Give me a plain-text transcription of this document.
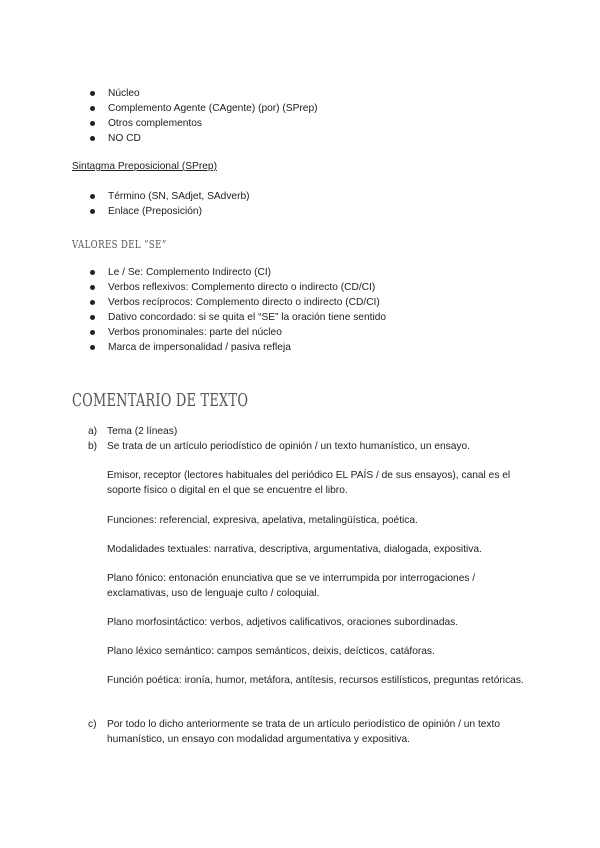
Núcleo
Complemento Agente (CAgente) (por) (SPrep)
Otros complementos
NO CD
Sintagma Preposicional (SPrep)
Término (SN, SAdjet, SAdverb)
Enlace (Preposición)
VALORES DEL “SE”
Le / Se: Complemento Indirecto (CI)
Verbos reflexivos: Complemento directo o indirecto (CD/CI)
Verbos recíprocos: Complemento directo o indirecto (CD/CI)
Dativo concordado: si se quita el “SE” la oración tiene sentido
Verbos pronominales: parte del núcleo
Marca de impersonalidad / pasiva refleja
COMENTARIO DE TEXTO
a) Tema (2 líneas)
b) Se trata de un artículo periodístico de opinión / un texto humanístico, un ensayo.
Emisor, receptor (lectores habituales del periódico EL PAÍS / de sus ensayos), canal es el soporte físico o digital en el que se encuentre el libro.
Funciones: referencial, expresiva, apelativa, metalingüística, poética.
Modalidades textuales: narrativa, descriptiva, argumentativa, dialogada, expositiva.
Plano fónico: entonación enunciativa que se ve interrumpida por interrogaciones / exclamativas, uso de lenguaje culto / coloquial.
Plano morfosintáctico: verbos, adjetivos calificativos, oraciones subordinadas.
Plano léxico semántico: campos semánticos, deixis, deícticos, catáforas.
Función poética: ironía, humor, metáfora, antítesis, recursos estilísticos, preguntas retóricas.
c) Por todo lo dicho anteriormente se trata de un artículo periodístico de opinión / un texto humanístico, un ensayo con modalidad argumentativa y expositiva.
